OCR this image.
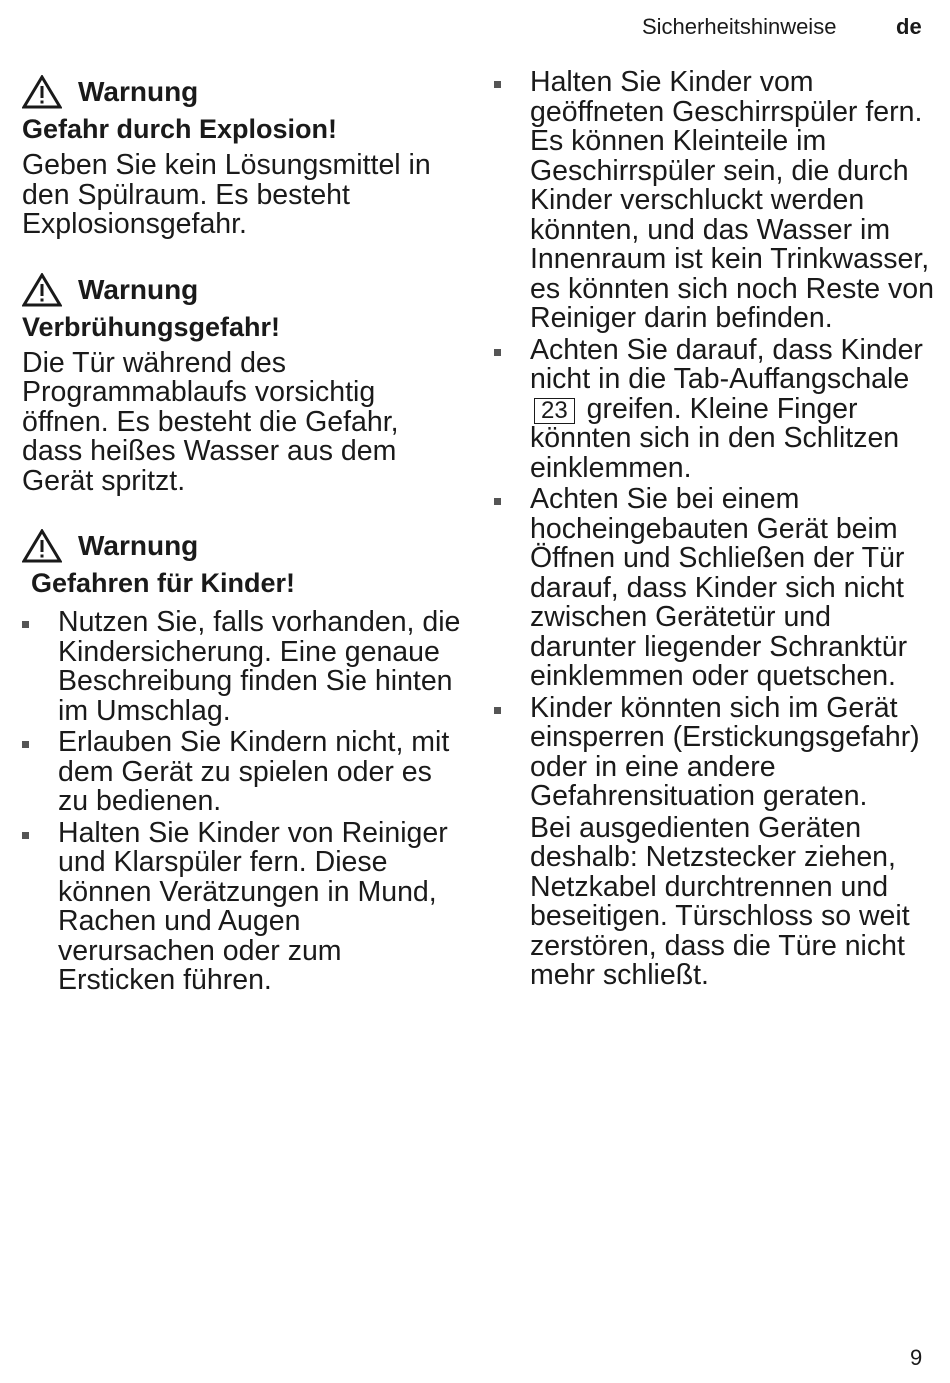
Sicherheitshinweise	de
Warnung
Gefahr durch Explosion!

Geben Sie kein Lösungsmittel in den Spülraum. Es besteht Explosionsgefahr.

Warnung
Verbrühungsgefahr!

Die Tür während des Programmablaufs vorsichtig öffnen. Es besteht die Gefahr, dass heißes Wasser aus dem Gerät spritzt.

Warnung
Gefahren für Kinder!
Nutzen Sie, falls vorhanden, die Kindersicherung. Eine genaue Beschreibung finden Sie hinten im Umschlag.
Erlauben Sie Kindern nicht, mit dem Gerät zu spielen oder es zu bedienen.
Halten Sie Kinder von Reiniger und Klarspüler fern. Diese können Verätzungen in Mund, Rachen und Augen verursachen oder zum Ersticken führen.
Halten Sie Kinder vom geöffneten Geschirrspüler fern. Es können Kleinteile im Geschirrspüler sein, die durch Kinder verschluckt werden könnten, und das Wasser im Innenraum ist kein Trinkwasser, es könnten sich noch Reste von Reiniger darin befinden.
Achten Sie darauf, dass Kinder nicht in die Tab-Auffangschale 23 greifen. Kleine Finger könnten sich in den Schlitzen einklemmen.
Achten Sie bei einem hocheingebauten Gerät beim Öffnen und Schließen der Tür darauf, dass Kinder sich nicht zwischen Gerätetür und darunter liegender Schranktür einklemmen oder quetschen.
Kinder könnten sich im Gerät einsperren (Erstickungsgefahr) oder in eine andere Gefahrensituation geraten.
Bei ausgedienten Geräten deshalb: Netzstecker ziehen, Netzkabel durchtrennen und beseitigen. Türschloss so weit zerstören, dass die Türe nicht mehr schließt.
9
